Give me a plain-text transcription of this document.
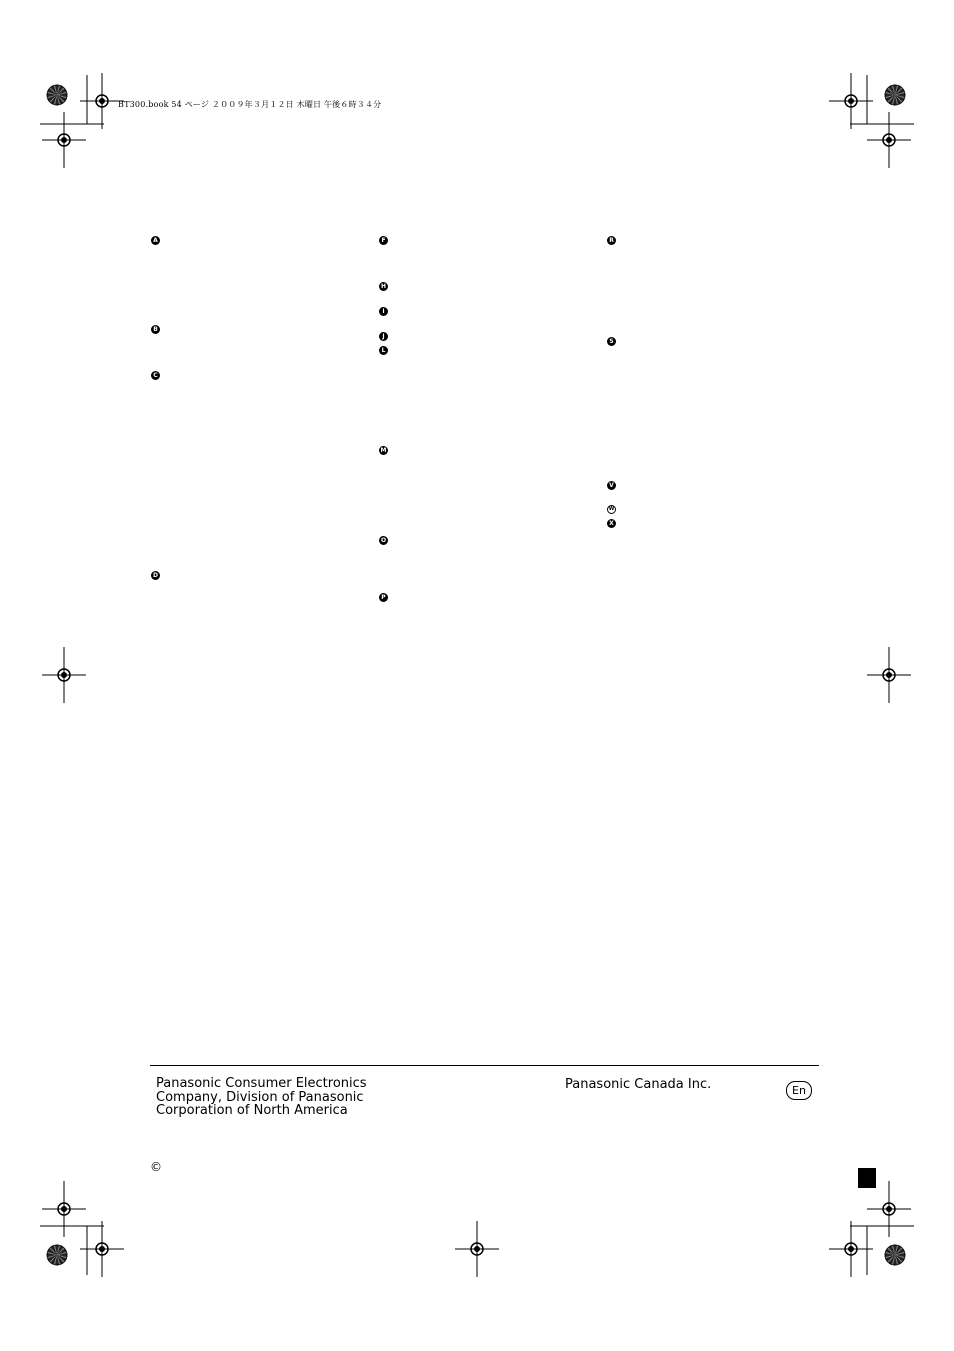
BT300.book 54 ページ ２００９年３月１２日 木曜日 午後６時３４分
A
B
C
D
F
H
I
J
L
M
O
P
R
S
V
W
X
Panasonic Consumer Electronics
Company, Division of Panasonic
Corporation of North America
Panasonic Canada Inc.	En
©
